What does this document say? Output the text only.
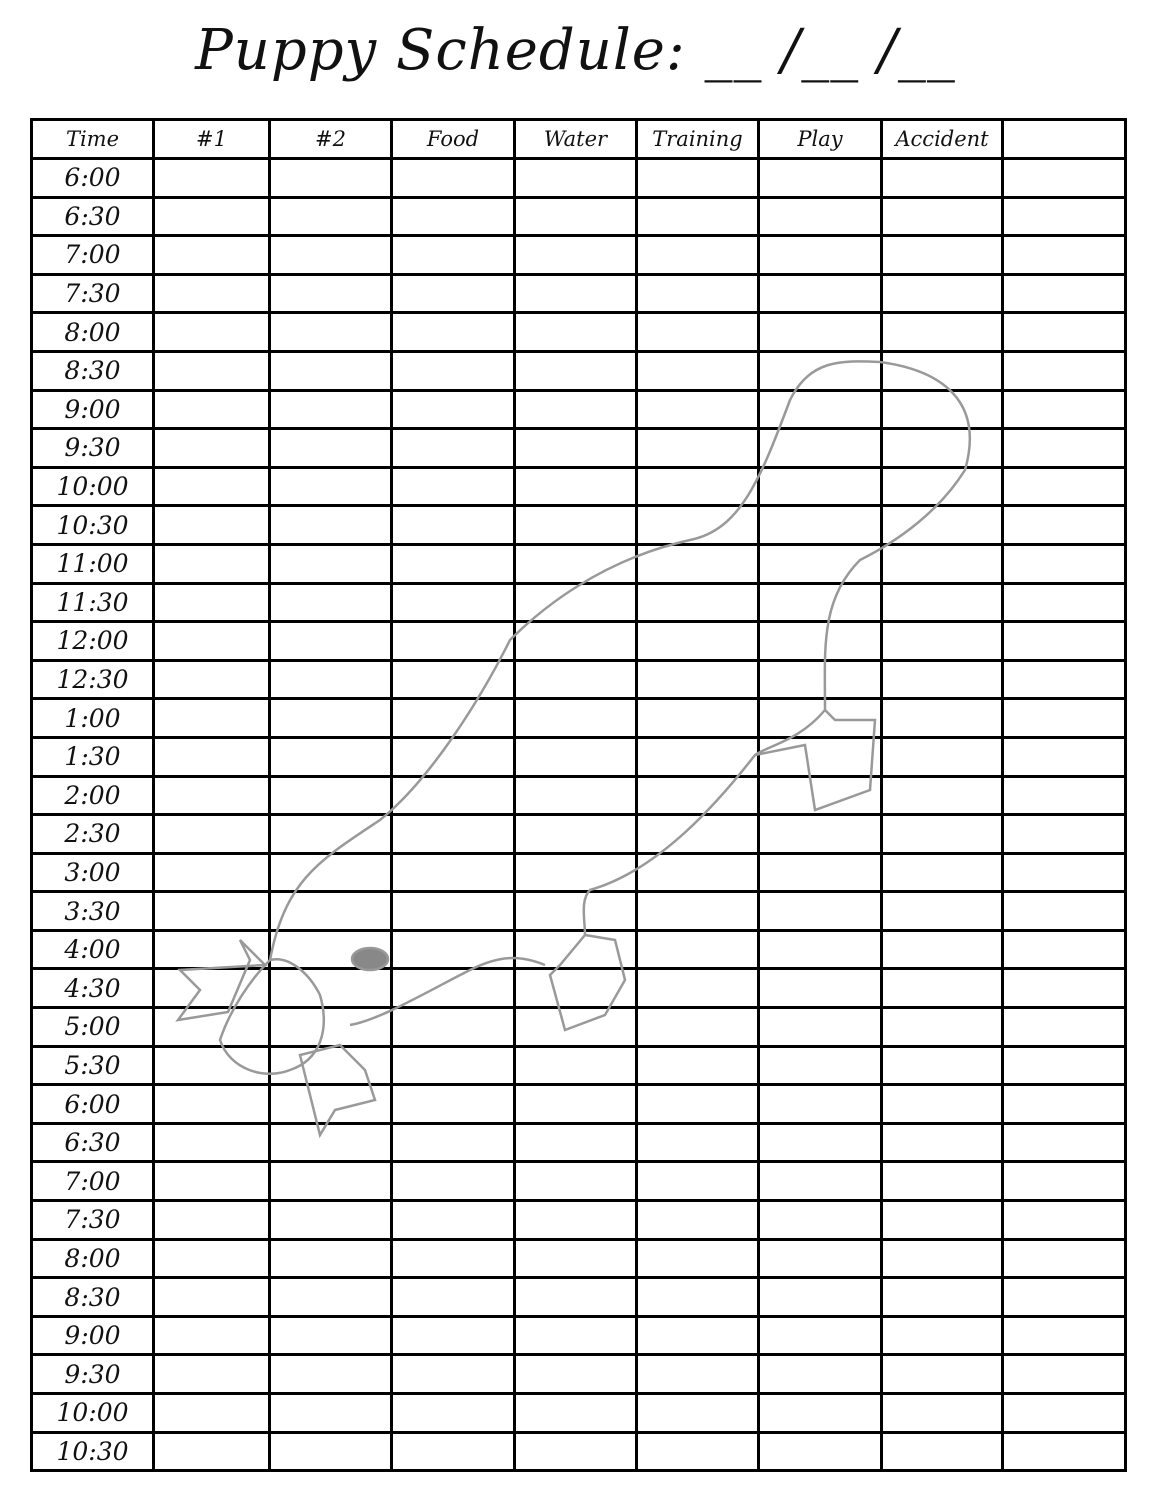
Puppy Schedule: __ /__ /__
Time	#1	#2	Food	Water	Training	Play	Accident	
6:00								
6:30								
7:00								
7:30								
8:00								
8:30								
9:00								
9:30								
10:00								
10:30								
11:00								
11:30								
12:00								
12:30								
1:00								
1:30								
2:00								
2:30								
3:00								
3:30								
4:00								
4:30								
5:00								
5:30								
6:00								
6:30								
7:00								
7:30								
8:00								
8:30								
9:00								
9:30								
10:00								
10:30								
